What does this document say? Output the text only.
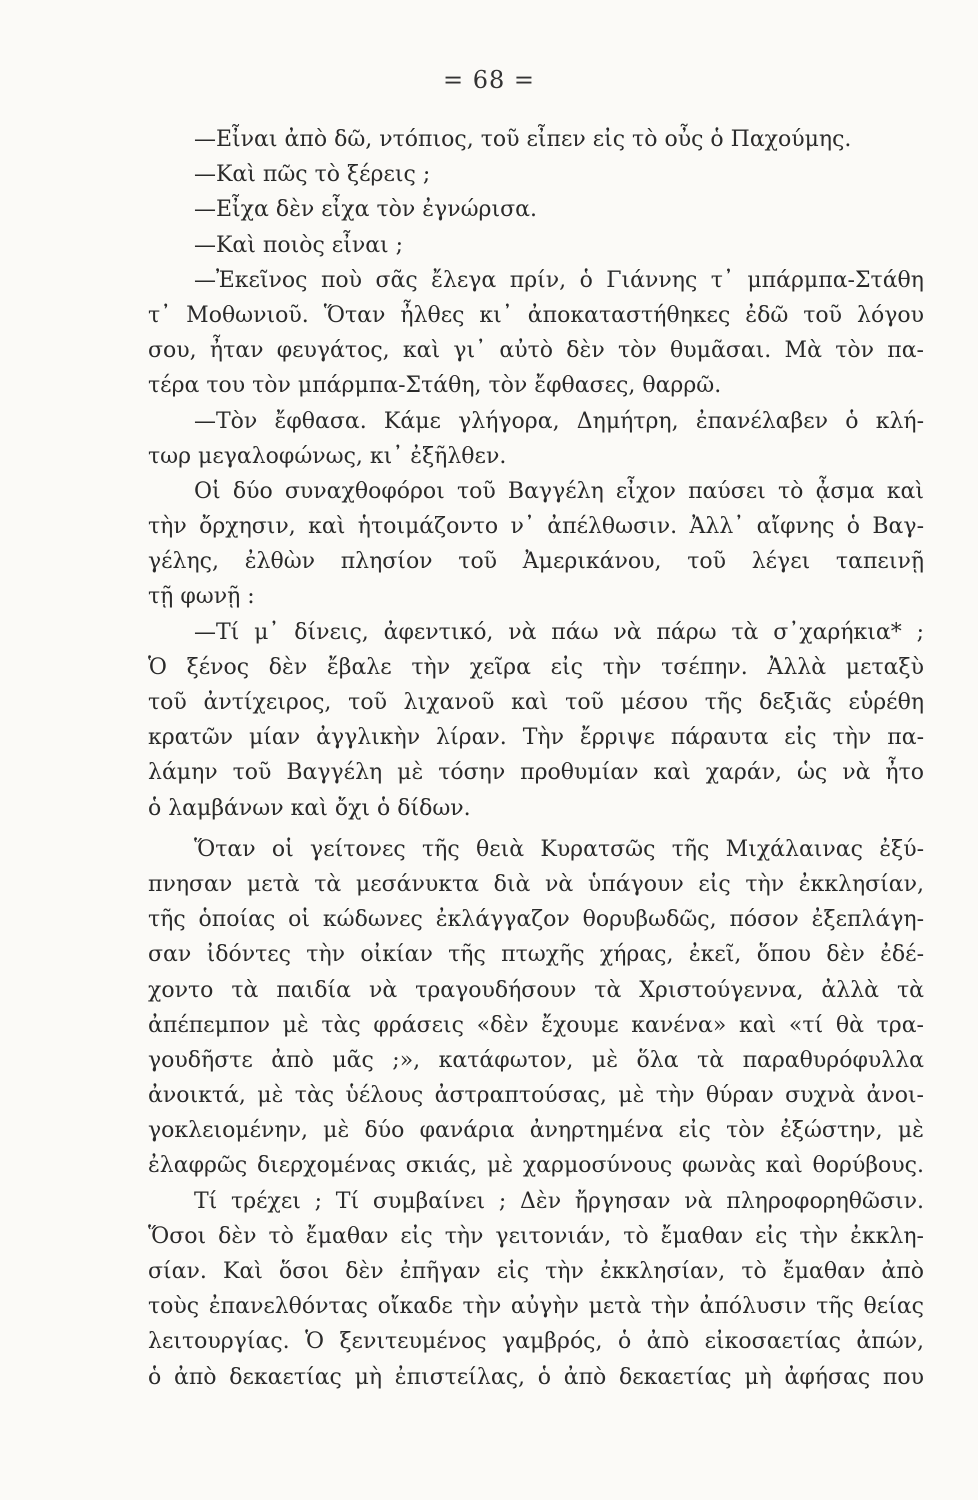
= 68 =
—Εἶναι ἀπὸ δῶ, ντόπιος, τοῦ εἶπεν εἰς τὸ οὖς ὁ Παχούμης.
—Καὶ πῶς τὸ ξέρεις ;
—Εἶχα δὲν εἶχα τὸν ἐγνώρισα.
—Καὶ ποιὸς εἶναι ;
—Ἐκεῖνος ποὺ σᾶς ἔλεγα πρίν, ὁ Γιάννης τ᾽ μπάρμπα-Στάθη
τ᾽ Μοθωνιοῦ. Ὅταν ἦλθες κι᾽ ἀποκαταστήθηκες ἐδῶ τοῦ λόγου
σου, ἦταν φευγάτος, καὶ γι᾽ αὐτὸ δὲν τὸν θυμᾶσαι. Μὰ τὸν πα-
τέρα του τὸν μπάρμπα-Στάθη, τὸν ἔφθασες, θαρρῶ.
—Τὸν ἔφθασα. Κάμε γλήγορα, Δημήτρη, ἐπανέλαβεν ὁ κλή-
τωρ μεγαλοφώνως, κι᾽ ἐξῆλθεν.
Οἱ δύο συναχθοφόροι τοῦ Βαγγέλη εἶχον παύσει τὸ ᾆσμα καὶ
τὴν ὄρχησιν, καὶ ἡτοιμάζοντο ν᾽ ἀπέλθωσιν. Ἀλλ᾽ αἴφνης ὁ Βαγ-
γέλης, ἐλθὼν πλησίον τοῦ Ἀμερικάνου, τοῦ λέγει ταπεινῇ
τῇ φωνῇ :
—Τί μ᾽ δίνεις, ἀφεντικό, νὰ πάω νὰ πάρω τὰ σ᾽χαρήκια* ;
Ὁ ξένος δὲν ἔβαλε τὴν χεῖρα εἰς τὴν τσέπην. Ἀλλὰ μεταξὺ
τοῦ ἀντίχειρος, τοῦ λιχανοῦ καὶ τοῦ μέσου τῆς δεξιᾶς εὑρέθη
κρατῶν μίαν ἀγγλικὴν λίραν. Τὴν ἔρριψε πάραυτα εἰς τὴν πα-
λάμην τοῦ Βαγγέλη μὲ τόσην προθυμίαν καὶ χαράν, ὡς νὰ ἦτο
ὁ λαμβάνων καὶ ὄχι ὁ δίδων.
Ὅταν οἱ γείτονες τῆς θειὰ Κυρατσῶς τῆς Μιχάλαινας ἐξύ-
πνησαν μετὰ τὰ μεσάνυκτα διὰ νὰ ὑπάγουν εἰς τὴν ἐκκλησίαν,
τῆς ὁποίας οἱ κώδωνες ἐκλάγγαζον θορυβωδῶς, πόσον ἐξεπλάγη-
σαν ἰδόντες τὴν οἰκίαν τῆς πτωχῆς χήρας, ἐκεῖ, ὅπου δὲν ἐδέ-
χοντο τὰ παιδία νὰ τραγουδήσουν τὰ Χριστούγεννα, ἀλλὰ τὰ
ἀπέπεμπον μὲ τὰς φράσεις «δὲν ἔχουμε κανένα» καὶ «τί θὰ τρα-
γουδῆστε ἀπὸ μᾶς ;», κατάφωτον, μὲ ὅλα τὰ παραθυρόφυλλα
ἀνοικτά, μὲ τὰς ὑέλους ἀστραπτούσας, μὲ τὴν θύραν συχνὰ ἀνοι-
γοκλειομένην, μὲ δύο φανάρια ἀνηρτημένα εἰς τὸν ἐξώστην, μὲ
ἐλαφρῶς διερχομένας σκιάς, μὲ χαρμοσύνους φωνὰς καὶ θορύβους.
Τί τρέχει ; Τί συμβαίνει ; Δὲν ἤργησαν νὰ πληροφορηθῶσιν.
Ὅσοι δὲν τὸ ἔμαθαν εἰς τὴν γειτονιάν, τὸ ἔμαθαν εἰς τὴν ἐκκλη-
σίαν. Καὶ ὅσοι δὲν ἐπῆγαν εἰς τὴν ἐκκλησίαν, τὸ ἔμαθαν ἀπὸ
τοὺς ἐπανελθόντας οἴκαδε τὴν αὐγὴν μετὰ τὴν ἀπόλυσιν τῆς θείας
λειτουργίας. Ὁ ξενιτευμένος γαμβρός, ὁ ἀπὸ εἰκοσαετίας ἀπών,
ὁ ἀπὸ δεκαετίας μὴ ἐπιστείλας, ὁ ἀπὸ δεκαετίας μὴ ἀφήσας που
